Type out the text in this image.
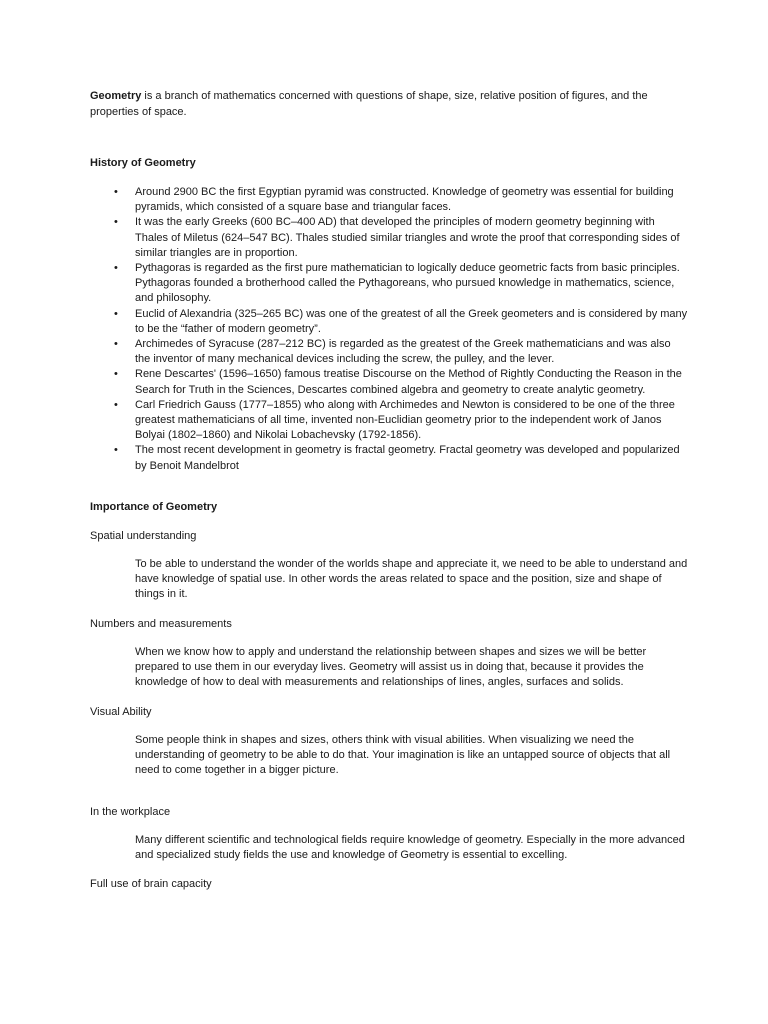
Geometry is a branch of mathematics concerned with questions of shape, size, relative position of figures, and the properties of space.

History of Geometry
• Around 2900 BC the first Egyptian pyramid was constructed. Knowledge of geometry was essential for building pyramids, which consisted of a square base and triangular faces.
• It was the early Greeks (600 BC–400 AD) that developed the principles of modern geometry beginning with Thales of Miletus (624–547 BC). Thales studied similar triangles and wrote the proof that corresponding sides of similar triangles are in proportion.
• Pythagoras is regarded as the first pure mathematician to logically deduce geometric facts from basic principles. Pythagoras founded a brotherhood called the Pythagoreans, who pursued knowledge in mathematics, science, and philosophy.
• Euclid of Alexandria (325–265 BC) was one of the greatest of all the Greek geometers and is considered by many to be the “father of modern geometry”.
• Archimedes of Syracuse (287–212 BC) is regarded as the greatest of the Greek mathematicians and was also the inventor of many mechanical devices including the screw, the pulley, and the lever.
• Rene Descartes' (1596–1650) famous treatise Discourse on the Method of Rightly Conducting the Reason in the Search for Truth in the Sciences, Descartes combined algebra and geometry to create analytic geometry.
• Carl Friedrich Gauss (1777–1855) who along with Archimedes and Newton is considered to be one of the three greatest mathematicians of all time, invented non-Euclidian geometry prior to the independent work of Janos Bolyai (1802–1860) and Nikolai Lobachevsky (1792-1856).
• The most recent development in geometry is fractal geometry. Fractal geometry was developed and popularized by Benoit Mandelbrot
Importance of Geometry

Spatial understanding

To be able to understand the wonder of the worlds shape and appreciate it, we need to be able to understand and have knowledge of spatial use. In other words the areas related to space and the position, size and shape of things in it.

Numbers and measurements

When we know how to apply and understand the relationship between shapes and sizes we will be better prepared to use them in our everyday lives. Geometry will assist us in doing that, because it provides the knowledge of how to deal with measurements and relationships of lines, angles, surfaces and solids.

Visual Ability

Some people think in shapes and sizes, others think with visual abilities. When visualizing we need the understanding of geometry to be able to do that. Your imagination is like an untapped source of objects that all need to come together in a bigger picture.

In the workplace

Many different scientific and technological fields require knowledge of geometry. Especially in the more advanced and specialized study fields the use and knowledge of Geometry is essential to excelling.

Full use of brain capacity
